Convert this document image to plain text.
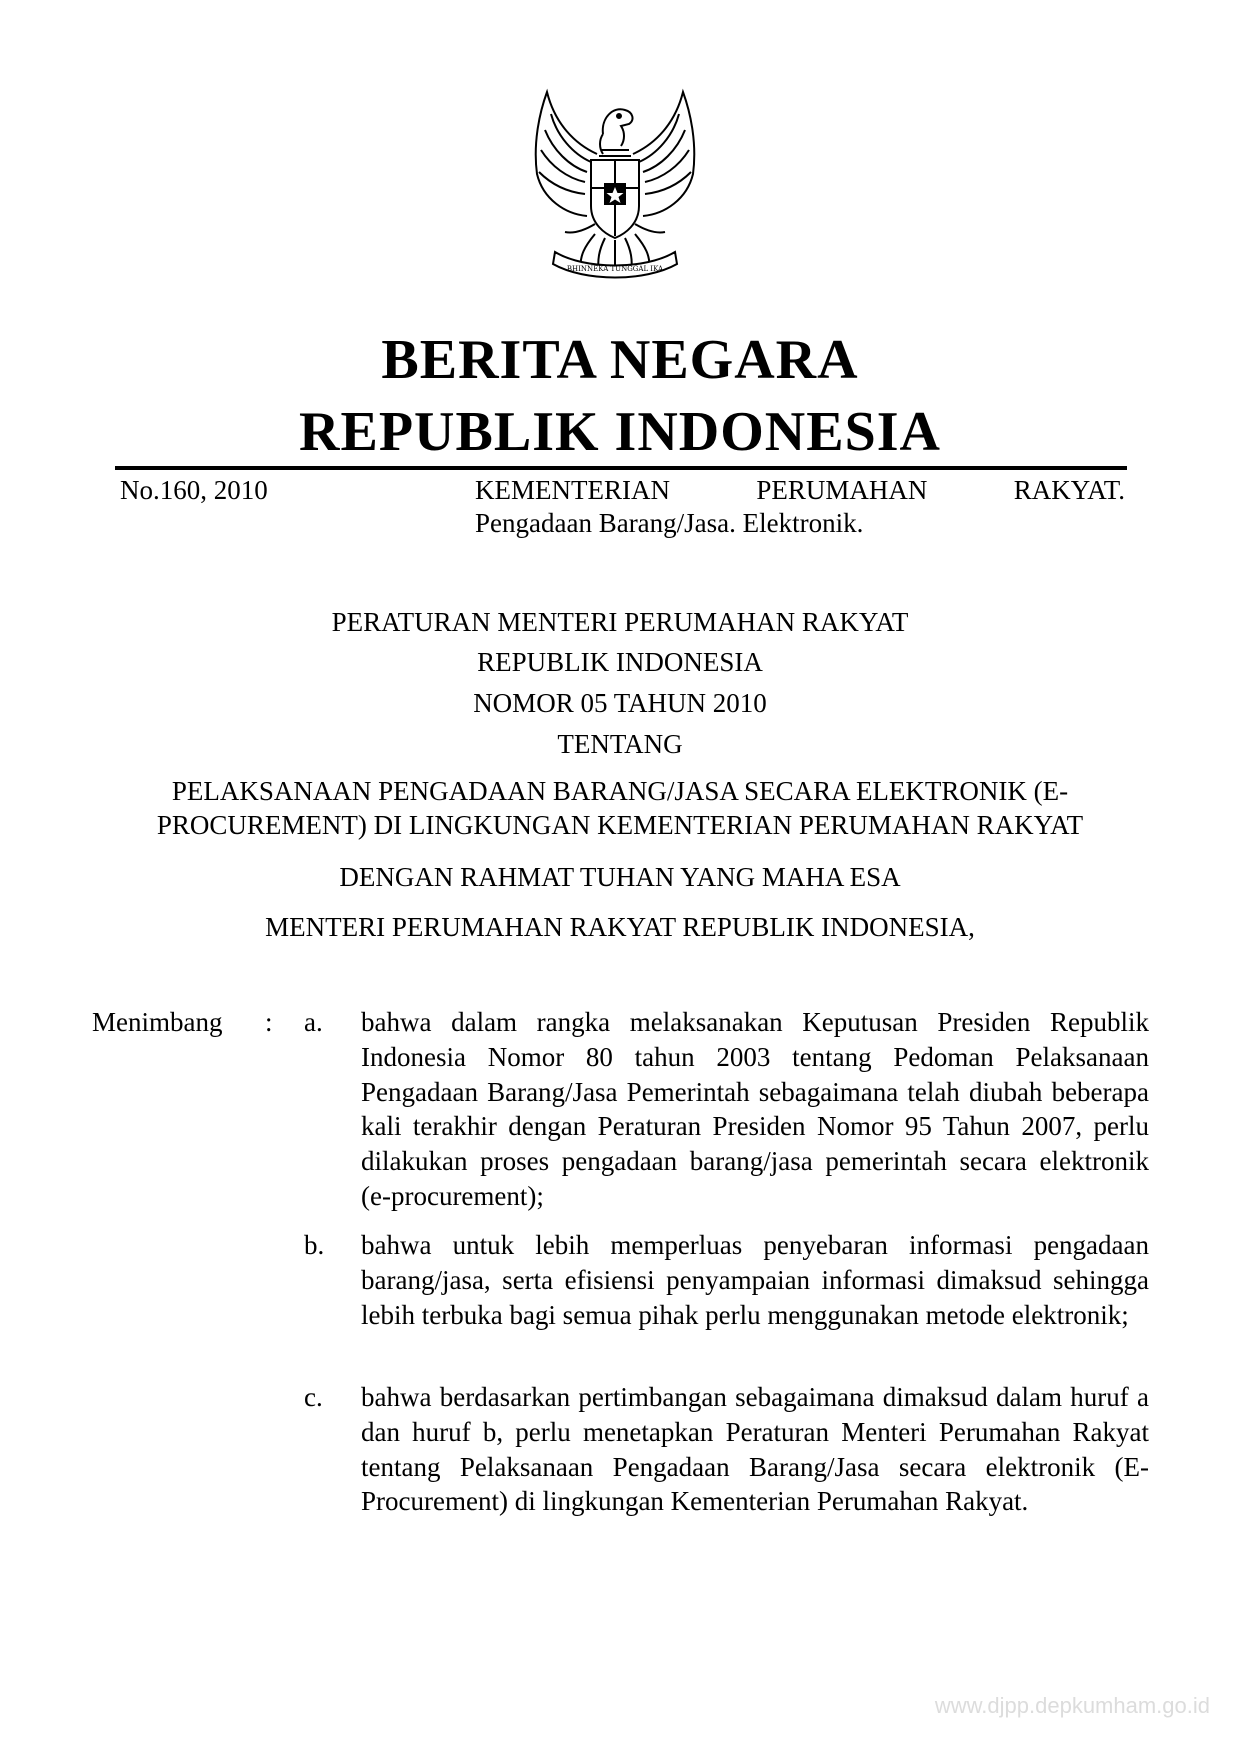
BHINNEKA TUNGGAL IKA
BERITA NEGARA
REPUBLIK INDONESIA
No.160, 2010	KEMENTERIAN PERUMAHAN RAKYAT.
Pengadaan Barang/Jasa. Elektronik.
PERATURAN MENTERI PERUMAHAN RAKYAT
REPUBLIK INDONESIA
NOMOR 05 TAHUN 2010
TENTANG
PELAKSANAAN PENGADAAN BARANG/JASA SECARA ELEKTRONIK (E-
PROCUREMENT) DI LINGKUNGAN KEMENTERIAN PERUMAHAN RAKYAT
DENGAN RAHMAT TUHAN YANG MAHA ESA
MENTERI PERUMAHAN RAKYAT REPUBLIK INDONESIA,
Menimbang : a. bahwa dalam rangka melaksanakan Keputusan Presiden Republik Indonesia Nomor 80 tahun 2003 tentang Pedoman Pelaksanaan Pengadaan Barang/Jasa Pemerintah sebagaimana telah diubah beberapa kali terakhir dengan Peraturan Presiden Nomor 95 Tahun 2007, perlu dilakukan proses pengadaan barang/jasa pemerintah secara elektronik (e-procurement);
b. bahwa untuk lebih memperluas penyebaran informasi pengadaan barang/jasa, serta efisiensi penyampaian informasi dimaksud sehingga lebih terbuka bagi semua pihak perlu menggunakan metode elektronik;
c. bahwa berdasarkan pertimbangan sebagaimana dimaksud dalam huruf a dan huruf b, perlu menetapkan Peraturan Menteri Perumahan Rakyat tentang Pelaksanaan Pengadaan Barang/Jasa secara elektronik (E-Procurement) di lingkungan Kementerian Perumahan Rakyat.
www.djpp.depkumham.go.id
